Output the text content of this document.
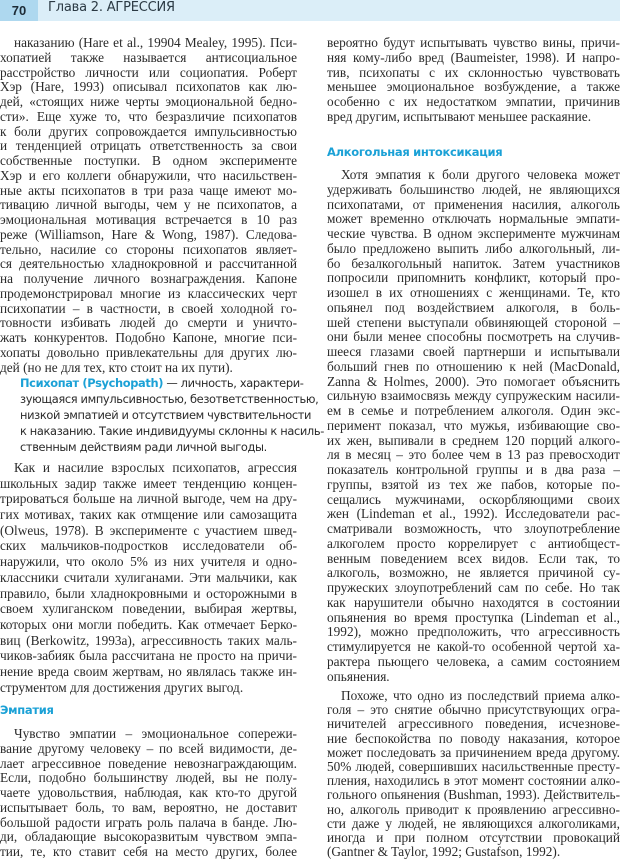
70	Глава 2. АГРЕССИЯ
наказанию (Hare et al., 19904 Mealey, 1995). Пси-
хопатией также называется антисоциальное
расстройство личности или социопатия. Роберт
Хэр (Hare, 1993) описывал психопатов как лю-
дей, «стоящих ниже черты эмоциональной бедно-
сти». Еще хуже то, что безразличие психопатов
к боли других сопровождается импульсивностью
и тенденцией отрицать ответственность за свои
собственные поступки. В одном эксперименте
Хэр и его коллеги обнаружили, что насильствен-
ные акты психопатов в три раза чаще имеют мо-
тивацию личной выгоды, чем у не психопатов, а
эмоциональная мотивация встречается в 10 раз
реже (Williamson, Hare & Wong, 1987). Следова-
тельно, насилие со стороны психопатов являет-
ся деятельностью хладнокровной и рассчитанной
на получение личного вознаграждения. Капоне
продемонстрировал многие из классических черт
психопатии – в частности, в своей холодной го-
товности избивать людей до смерти и уничто-
жать конкурентов. Подобно Капоне, многие пси-
хопаты довольно привлекательны для других лю-
дей (но не для тех, кто стоит на их пути).
Психопат (Psychopath) — личность, характери-
зующаяся импульсивностью, безответственностью,
низкой эмпатией и отсутствием чувствительности
к наказанию. Такие индивидуумы склонны к насиль-
ственным действиям ради личной выгоды.
Как и насилие взрослых психопатов, агрессия
школьных задир также имеет тенденцию концен-
трироваться больше на личной выгоде, чем на дру-
гих мотивах, таких как отмщение или самозащита
(Olweus, 1978). В эксперименте с участием швед-
ских мальчиков-подростков исследователи об-
наружили, что около 5% из них учителя и одно-
классники считали хулиганами. Эти мальчики, как
правило, были хладнокровными и осторожными в
своем хулиганском поведении, выбирая жертвы,
которых они могли победить. Как отмечает Берко-
виц (Berkowitz, 1993a), агрессивность таких маль-
чиков-забияк была рассчитана не просто на причи-
нение вреда своим жертвам, но являлась также ин-
струментом для достижения других выгод.
Эмпатия
Чувство эмпатии – эмоциональное сопережи-
вание другому человеку – по всей видимости, де-
лает агрессивное поведение невознаграждающим.
Если, подобно большинству людей, вы не полу-
чаете удовольствия, наблюдая, как кто-то другой
испытывает боль, то вам, вероятно, не доставит
большой радости играть роль палача в банде. Лю-
ди, обладающие высокоразвитым чувством эмпа-
тии, те, кто ставит себя на место других, более
вероятно будут испытывать чувство вины, причи-
няя кому-либо вред (Baumeister, 1998). И напро-
тив, психопаты с их склонностью чувствовать
меньшее эмоциональное возбуждение, а также
особенно с их недостатком эмпатии, причинив
вред другим, испытывают меньшее раскаяние.
Алкогольная интоксикация
Хотя эмпатия к боли другого человека может
удерживать большинство людей, не являющихся
психопатами, от применения насилия, алкоголь
может временно отключать нормальные эмпати-
ческие чувства. В одном эксперименте мужчинам
было предложено выпить либо алкогольный, ли-
бо безалкогольный напиток. Затем участников
попросили припомнить конфликт, который про-
изошел в их отношениях с женщинами. Те, кто
опьянел под воздействием алкоголя, в боль-
шей степени выступали обвиняющей стороной –
они были менее способны посмотреть на случив-
шееся глазами своей партнерши и испытывали
больший гнев по отношению к ней (MacDonald,
Zanna & Holmes, 2000). Это помогает объяснить
сильную взаимосвязь между супружеским насили-
ем в семье и потреблением алкоголя. Один экс-
перимент показал, что мужья, избивающие сво-
их жен, выпивали в среднем 120 порций алкого-
ля в месяц – это более чем в 13 раз превосходит
показатель контрольной группы и в два раза –
группы, взятой из тех же пабов, которые по-
сещались мужчинами, оскорбляющими своих
жен (Lindeman et al., 1992). Исследователи рас-
сматривали возможность, что злоупотребление
алкоголем просто коррелирует с антиобщест-
венным поведением всех видов. Если так, то
алкоголь, возможно, не является причиной су-
пружеских злоупотреблений сам по себе. Но так
как нарушители обычно находятся в состоянии
опьянения во время проступка (Lindeman et al.,
1992), можно предположить, что агрессивность
стимулируется не какой-то особенной чертой ха-
рактера пьющего человека, а самим состоянием
опьянения.
Похоже, что одно из последствий приема алко-
голя – это снятие обычно присутствующих огра-
ничителей агрессивного поведения, исчезнове-
ние беспокойства по поводу наказания, которое
может последовать за причинением вреда другому.
50% людей, совершивших насильственные престу-
пления, находились в этот момент состоянии алко-
гольного опьянения (Bushman, 1993). Действитель-
но, алкоголь приводит к проявлению агрессивно-
сти даже у людей, не являющихся алкоголиками,
иногда и при полном отсутствии провокаций
(Gantner & Taylor, 1992; Gustafson, 1992).
